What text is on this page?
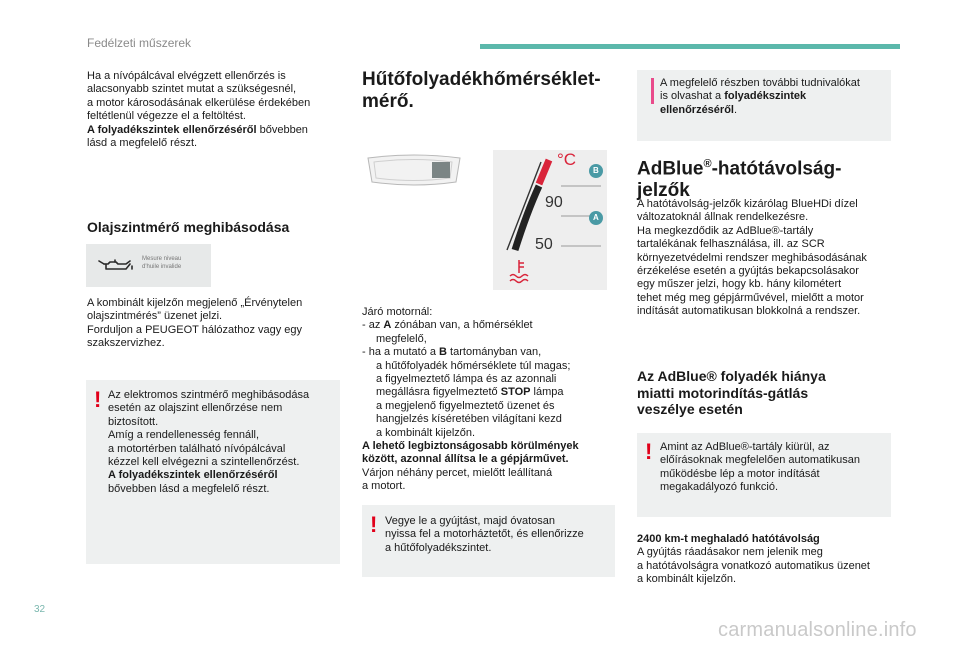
Fedélzeti műszerek
Ha a nívópálcával elvégzett ellenőrzés is
alacsonyabb szintet mutat a szükségesnél,
a motor károsodásának elkerülése érdekében
feltétlenül végezze el a feltöltést.
A folyadékszintek ellenőrzéséről bővebben
lásd a megfelelő részt.
Olajszintmérő meghibásodása
Mesure niveau
d'huile invalide
A kombinált kijelzőn megjelenő „Érvénytelen
olajszintmérés” üzenet jelzi.
Forduljon a PEUGEOT hálózathoz vagy egy
szakszervizhez.
! Az elektromos szintmérő meghibásodása
esetén az olajszint ellenőrzése nem
biztosított.
Amíg a rendellenesség fennáll,
a motortérben található nívópálcával
kézzel kell elvégezni a szintellenőrzést.
A folyadékszintek ellenőrzéséről
bővebben lásd a megfelelő részt.
Hűtőfolyadékhőmérséklet-
mérő.
°C
B
A
90
50
Járó motornál:
- az A zónában van, a hőmérséklet
megfelelő,
- ha a mutató a B tartományban van,
a hűtőfolyadék hőmérséklete túl magas;
a figyelmeztető lámpa és az azonnali
megállásra figyelmeztető STOP lámpa
a megjelenő figyelmeztető üzenet és
hangjelzés kíséretében világítani kezd
a kombinált kijelzőn.
A lehető legbiztonságosabb körülmények
között, azonnal állítsa le a gépjárművet.
Várjon néhány percet, mielőtt leállítaná
a motort.
! Vegye le a gyújtást, majd óvatosan
nyissa fel a motorháztetőt, és ellenőrizze
a hűtőfolyadékszintet.
A megfelelő részben további tudnivalókat
is olvashat a folyadékszintek
ellenőrzéséről.
AdBlue®-hatótávolság-
jelzők
A hatótávolság-jelzők kizárólag BlueHDi dízel
változatoknál állnak rendelkezésre.
Ha megkezdődik az AdBlue®-tartály
tartalékának felhasználása, ill. az SCR
környezetvédelmi rendszer meghibásodásának
érzékelése esetén a gyújtás bekapcsolásakor
egy műszer jelzi, hogy kb. hány kilométert
tehet még meg gépjárművével, mielőtt a motor
indítását automatikusan blokkolná a rendszer.
Az AdBlue® folyadék hiánya
miatti motorindítás-gátlás
veszélye esetén
! Amint az AdBlue®-tartály kiürül, az
előírásoknak megfelelően automatikusan
működésbe lép a motor indítását
megakadályozó funkció.
2400 km-t meghaladó hatótávolság
A gyújtás ráadásakor nem jelenik meg
a hatótávolságra vonatkozó automatikus üzenet
a kombinált kijelzőn.
32
carmanualsonline.info
